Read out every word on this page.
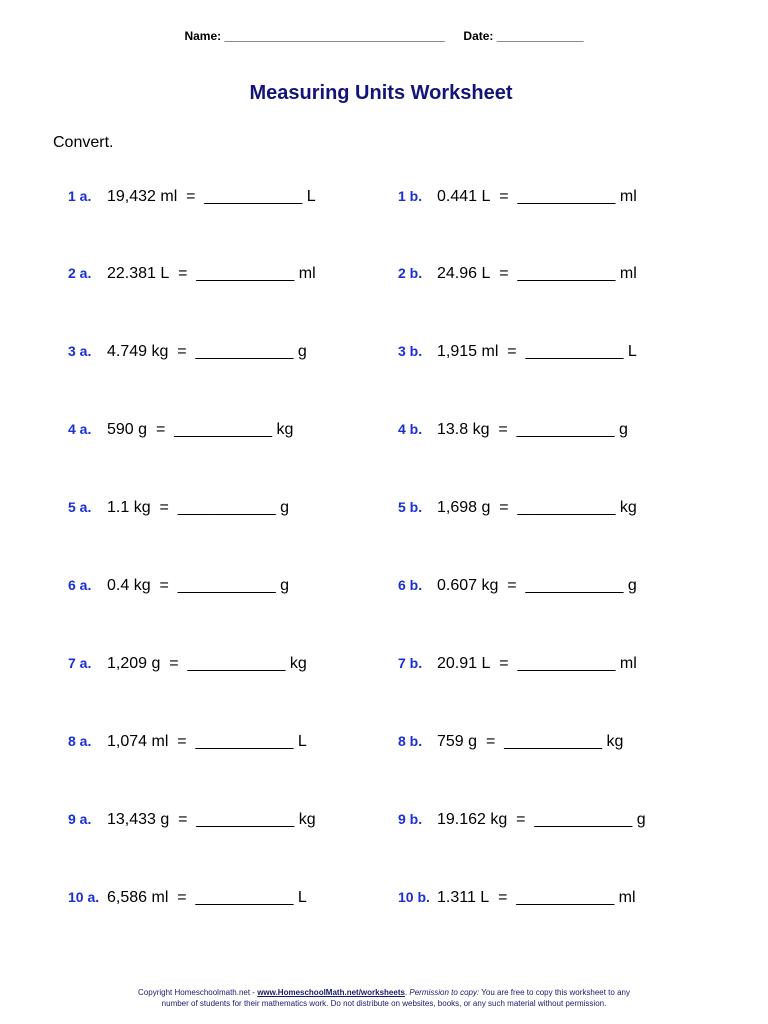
Name: _________________________________ Date: _____________
Measuring Units Worksheet
Convert.
1 a. 19,432 ml  =  ___________ L	1 b. 0.441 L  =  ___________ ml
2 a. 22.381 L  =  ___________ ml	2 b. 24.96 L  =  ___________ ml
3 a. 4.749 kg  =  ___________ g	3 b. 1,915 ml  =  ___________ L
4 a. 590 g  =  ___________ kg	4 b. 13.8 kg  =  ___________ g
5 a. 1.1 kg  =  ___________ g	5 b. 1,698 g  =  ___________ kg
6 a. 0.4 kg  =  ___________ g	6 b. 0.607 kg  =  ___________ g
7 a. 1,209 g  =  ___________ kg	7 b. 20.91 L  =  ___________ ml
8 a. 1,074 ml  =  ___________ L	8 b. 759 g  =  ___________ kg
9 a. 13,433 g  =  ___________ kg	9 b. 19.162 kg  =  ___________ g
10 a. 6,586 ml  =  ___________ L	10 b. 1.311 L  =  ___________ ml
Copyright Homeschoolmath.net - www.HomeschoolMath.net/worksheets. Permission to copy: You are free to copy this worksheet to any
number of students for their mathematics work. Do not distribute on websites, books, or any such material without permission.
